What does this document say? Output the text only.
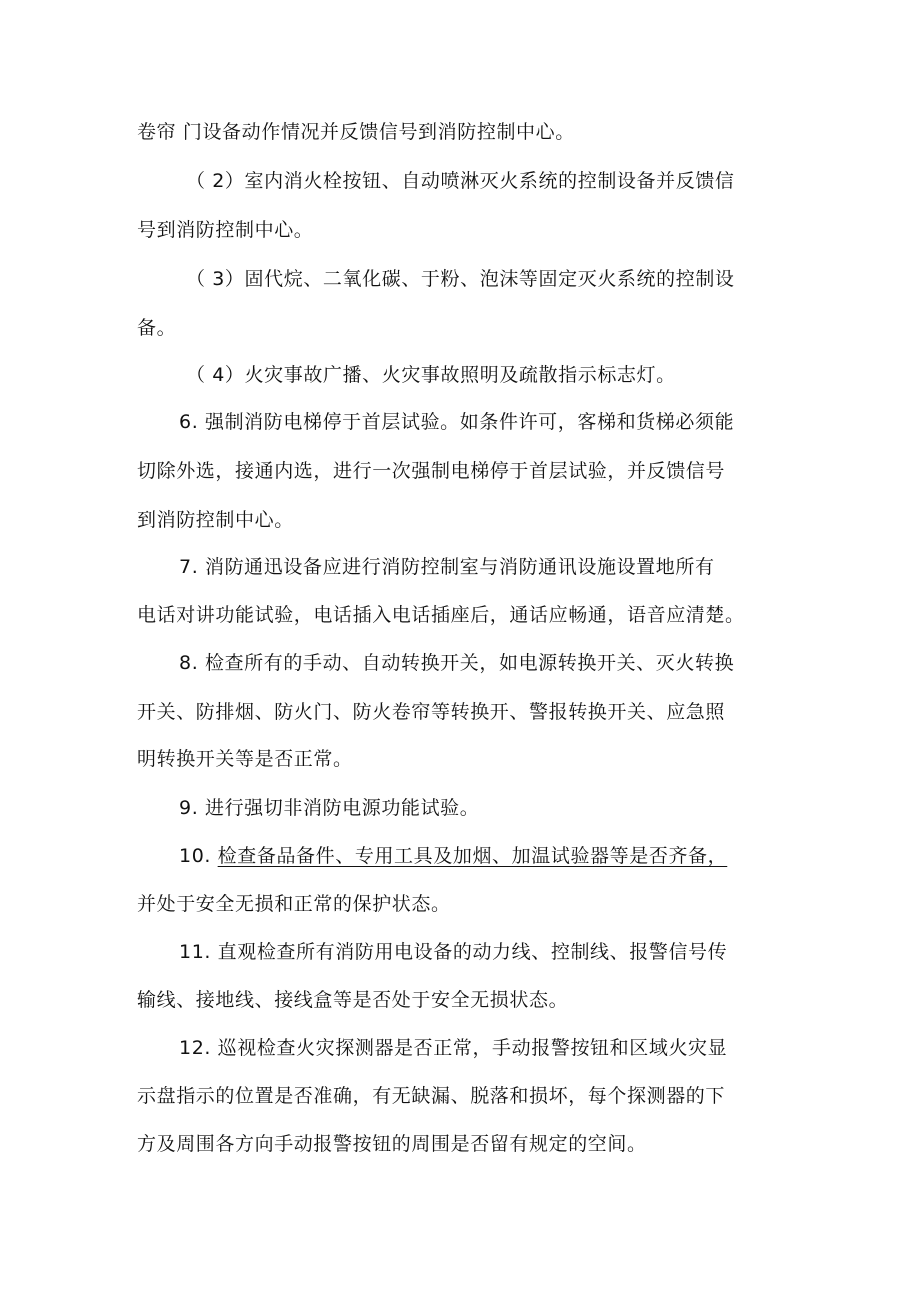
卷帘 门设备动作情况并反馈信号到消防控制中心。
（ 2）室内消火栓按钮、自动喷淋灭火系统的控制设备并反馈信
号到消防控制中心。
（ 3）固代烷、二氧化碳、于粉、泡沫等固定灭火系统的控制设
备。
（ 4）火灾事故广播、火灾事故照明及疏散指示标志灯。
6. 强制消防电梯停于首层试验。如条件许可，客梯和货梯必须能
切除外选，接通内选，进行一次强制电梯停于首层试验，并反馈信号
到消防控制中心。
7. 消防通迅设备应进行消防控制室与消防通讯设施设置地所有
电话对讲功能试验，电话插入电话插座后，通话应畅通，语音应清楚。
8. 检查所有的手动、自动转换开关，如电源转换开关、灭火转换
开关、防排烟、防火门、防火卷帘等转换开、警报转换开关、应急照
明转换开关等是否正常。
9. 进行强切非消防电源功能试验。
10. 检查备品备件、专用工具及加烟、加温试验器等是否齐备，
并处于安全无损和正常的保护状态。
11. 直观检查所有消防用电设备的动力线、控制线、报警信号传
输线、接地线、接线盒等是否处于安全无损状态。
12. 巡视检查火灾探测器是否正常，手动报警按钮和区域火灾显
示盘指示的位置是否准确，有无缺漏、脱落和损坏，每个探测器的下
方及周围各方向手动报警按钮的周围是否留有规定的空间。
